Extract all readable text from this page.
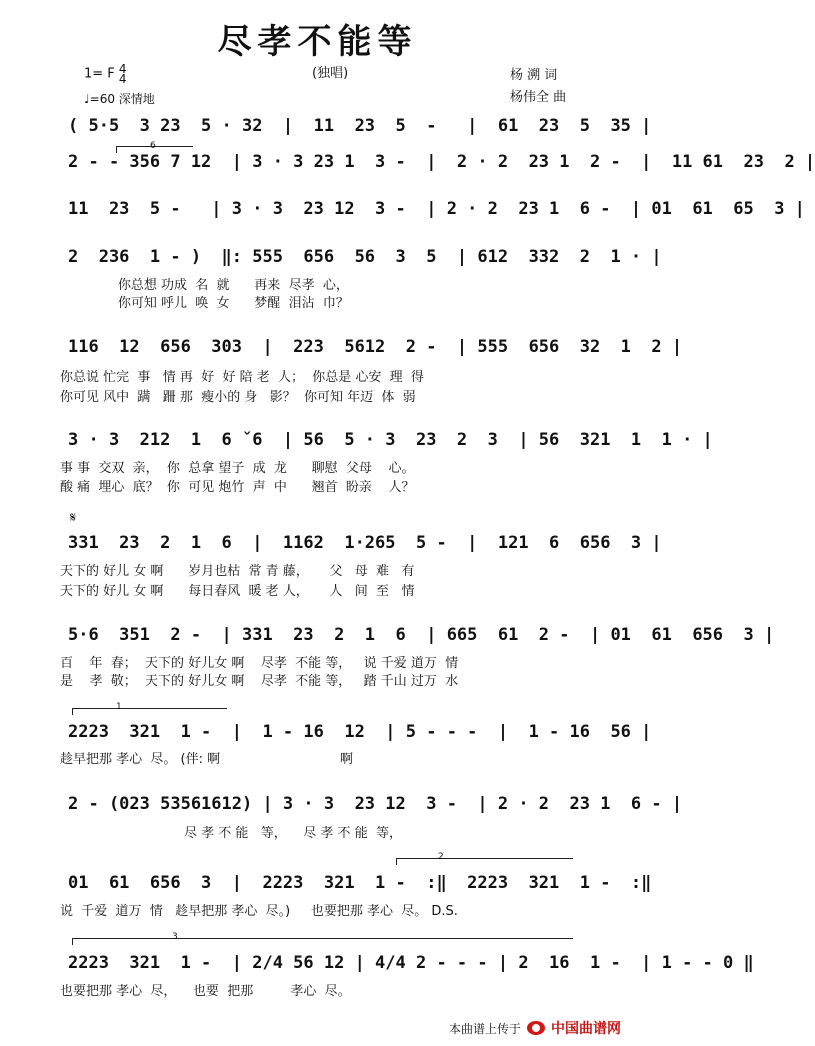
尽孝不能等
1= F 4
4
♩=60 深情地
(独唱)	杨 溯 词
杨伟全 曲
( 5·5  3 23  5 · 32  |  11  23  5  -   |  61  23  5  35 |
2 - - 356 7 12  | 3 · 3 23 1  3 -  |  2 · 2  23 1  2 -  |  11 61  23  2 |
6
11  23  5 -   | 3 · 3  23 12  3 -  | 2 · 2  23 1  6 -  | 01  61  65  3 |
2  236  1 - )  ‖: 555  656  56  3  5  | 612  332  2  1 · |
你总想 功成  名  就      再来  尽孝  心，
你可知 呼儿  唤  女      梦醒  泪沾  巾？
116  12  656  303  |  223  5612  2 -  | 555  656  32  1  2 |
你总说 忙完  事   情 再  好  好 陪 老  人；  你总是 心安  理  得
你可见 风中  蹒   跚 那  瘦小的 身   影？  你可知 年迈  体  弱
3 · 3  212  1  6 ˇ6  | 56  5 · 3  23  2  3  | 56  321  1  1 · |
事 事  交双  亲，  你  总拿 望子  成  龙      聊慰  父母    心。
酸 痛  埋心  底？  你  可见 炮竹  声  中      翘首  盼亲    人？
𝄋
331  23  2  1  6  |  1162  1·265  5 -  |  121  6  656  3 |
天下的 好儿 女 啊      岁月也枯  常 青 藤，     父   母  难   有
天下的 好儿 女 啊      每日春风  暖 老 人，     人   间  至   情
5·6  351  2 -  | 331  23  2  1  6  | 665  61  2 -  | 01  61  656  3 |
百    年  春；  天下的 好儿女 啊    尽孝  不能 等，   说 千爱 道万  情
是    孝  敬；  天下的 好儿女 啊    尽孝  不能 等，   踏 千山 过万  水
1
2223  321  1 -  |  1 - 16  12  | 5 - - -  |  1 - 16  56 |
趁早把那 孝心  尽。 (伴: 啊                             啊
2 - (023 53561612) | 3 · 3  23 12  3 -  | 2 · 2  23 1  6 - |
尽 孝 不 能   等，    尽 孝 不 能  等，
2
01  61  656  3  |  2223  321  1 -  :‖  2223  321  1 -  :‖
说  千爱  道万  情   趁早把那 孝心  尽。)     也要把那 孝心  尽。 D.S.
3
2223  321  1 -  | 2/4 56 12 | 4/4 2 - - - | 2  16  1 -  | 1 - - 0 ‖
也要把那 孝心  尽，    也要  把那         孝心  尽。
本曲谱上传于 中国曲谱网
